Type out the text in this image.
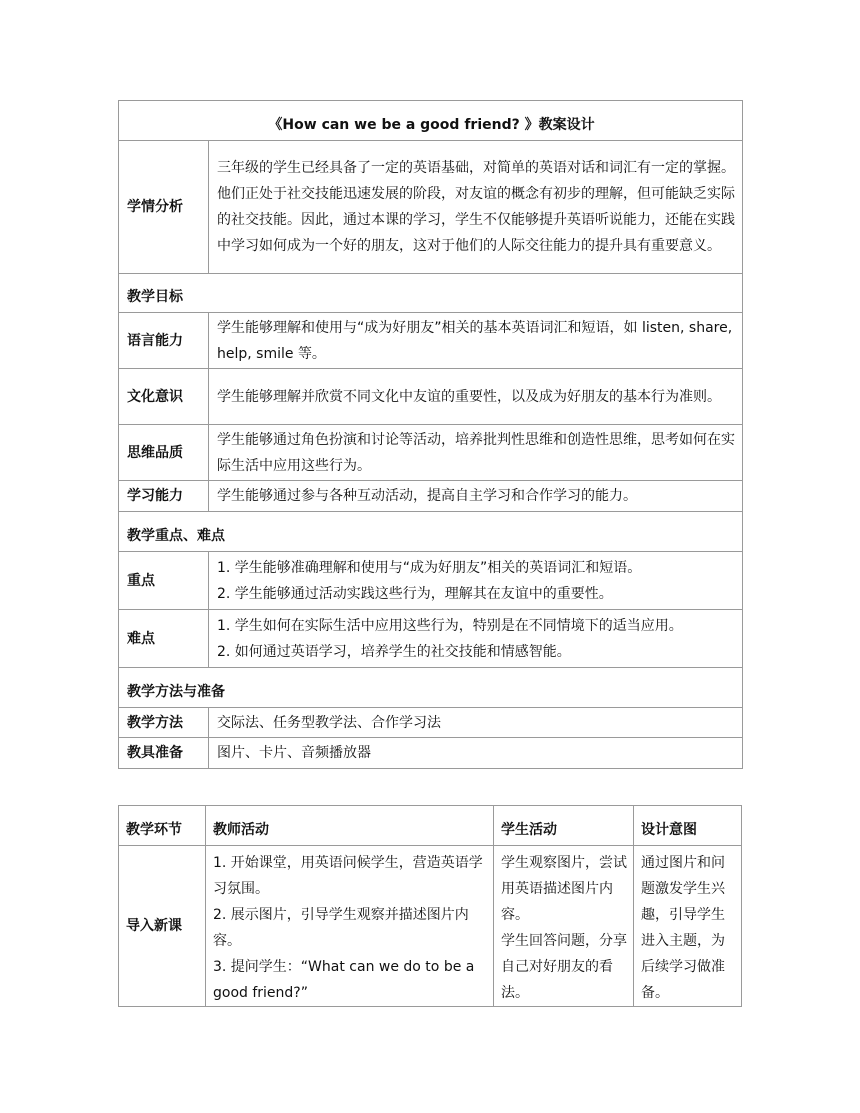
《How can we be a good friend? 》教案设计	
学情分析	三年级的学生已经具备了一定的英语基础，对简单的英语对话和词汇有一定的掌握。他们正处于社交技能迅速发展的阶段，对友谊的概念有初步的理解，但可能缺乏实际的社交技能。因此，通过本课的学习，学生不仅能够提升英语听说能力，还能在实践中学习如何成为一个好的朋友，这对于他们的人际交往能力的提升具有重要意义。
教学目标	
语言能力	学生能够理解和使用与“成为好朋友”相关的基本英语词汇和短语，如 listen, share, help, smile 等。
文化意识	学生能够理解并欣赏不同文化中友谊的重要性，以及成为好朋友的基本行为准则。
思维品质	学生能够通过角色扮演和讨论等活动，培养批判性思维和创造性思维，思考如何在实际生活中应用这些行为。
学习能力	学生能够通过参与各种互动活动，提高自主学习和合作学习的能力。
教学重点、难点	
重点	1. 学生能够准确理解和使用与“成为好朋友”相关的英语词汇和短语。
2. 学生能够通过活动实践这些行为，理解其在友谊中的重要性。

难点	1. 学生如何在实际生活中应用这些行为，特别是在不同情境下的适当应用。
2. 如何通过英语学习，培养学生的社交技能和情感智能。

教学方法与准备	
教学方法	交际法、任务型教学法、合作学习法
教具准备	图片、卡片、音频播放器
教学环节	教师活动	学生活动	设计意图
导入新课	1. 开始课堂，用英语问候学生，营造英语学习氛围。
2. 展示图片，引导学生观察并描述图片内容。
3. 提问学生：“What can we do to be a good friend?”	学生观察图片，尝试用英语描述图片内容。
学生回答问题，分享自己对好朋友的看法。	通过图片和问题激发学生兴趣，引导学生进入主题，为后续学习做准备。
